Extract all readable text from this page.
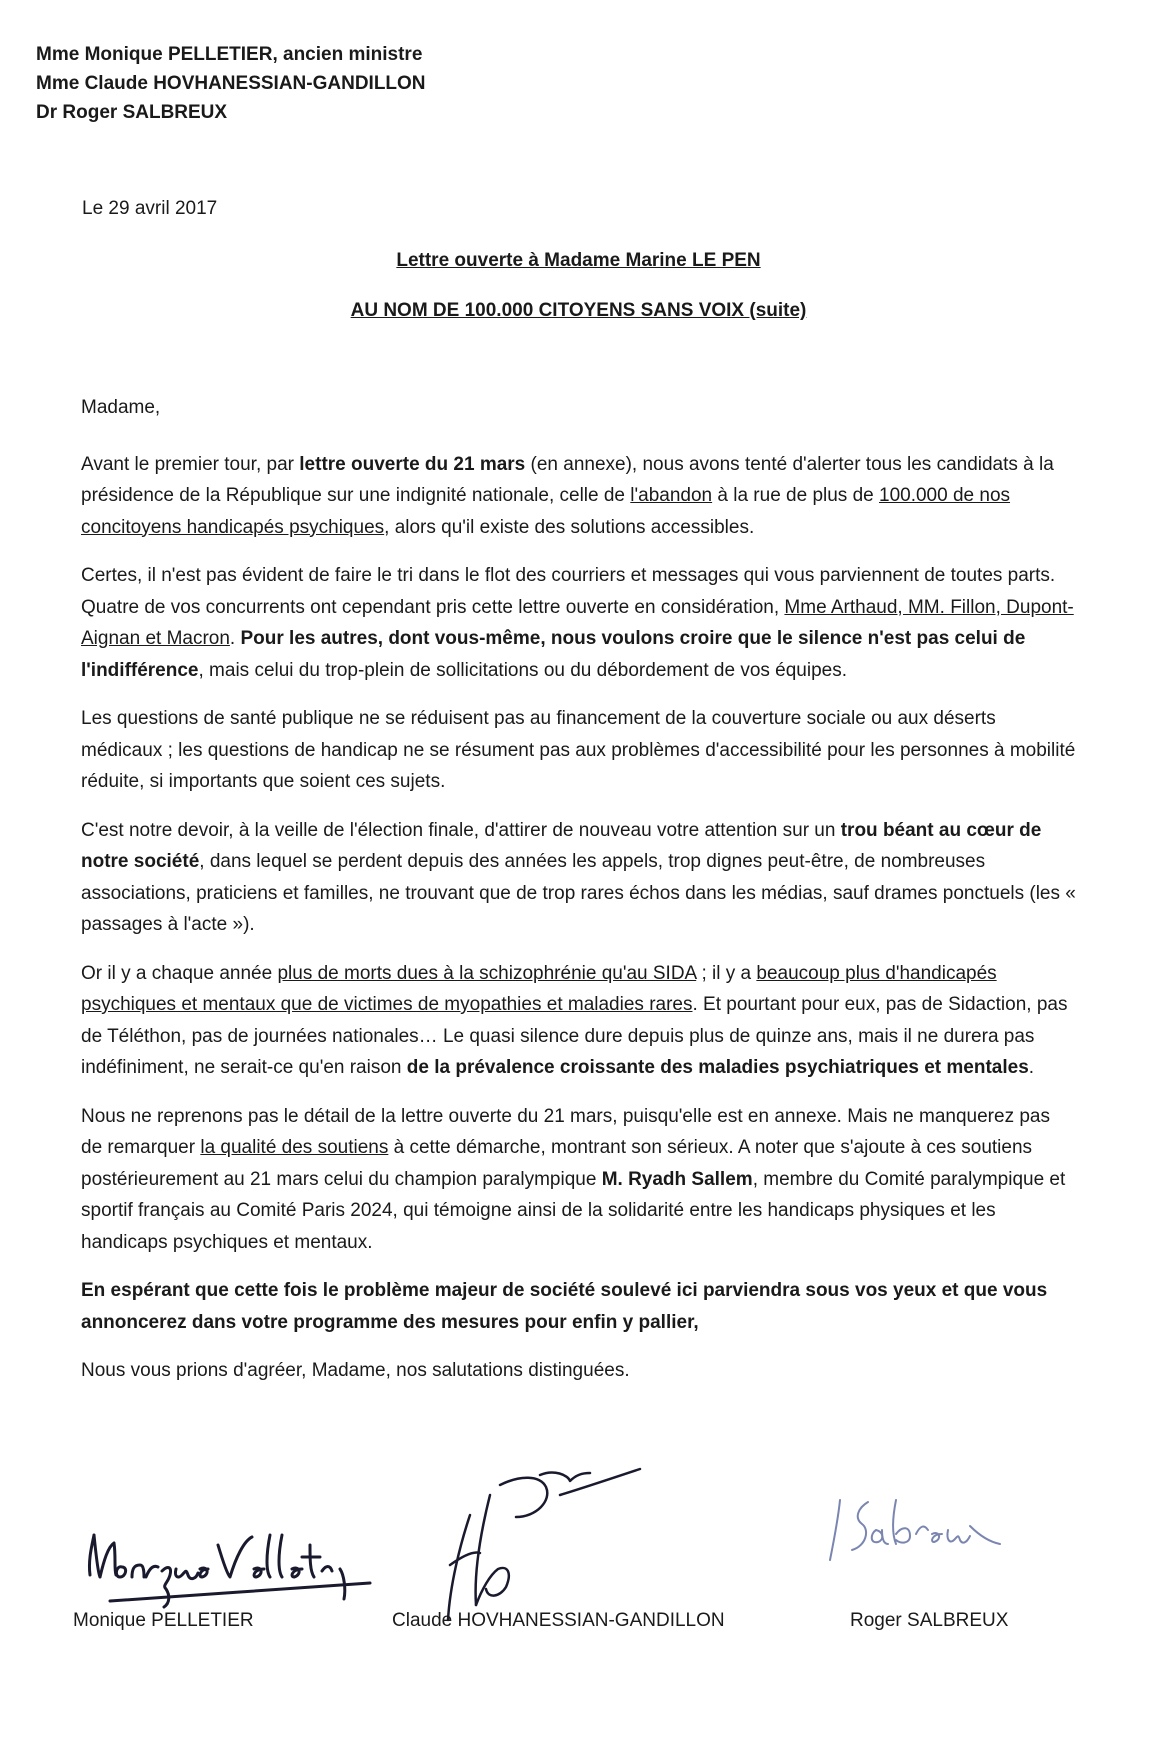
Mme Monique PELLETIER, ancien ministre
Mme Claude HOVHANESSIAN-GANDILLON
Dr Roger SALBREUX
Le 29 avril 2017
Lettre ouverte à Madame Marine LE PEN
AU NOM DE 100.000 CITOYENS SANS VOIX (suite)

Madame,

Avant le premier tour, par lettre ouverte du 21 mars (en annexe), nous avons tenté d'alerter tous les candidats à la présidence de la République sur une indignité nationale, celle de l'abandon à la rue de plus de 100.000 de nos concitoyens handicapés psychiques, alors qu'il existe des solutions accessibles.

Certes, il n'est pas évident de faire le tri dans le flot des courriers et messages qui vous parviennent de toutes parts. Quatre de vos concurrents ont cependant pris cette lettre ouverte en considération, Mme Arthaud, MM. Fillon, Dupont-Aignan et Macron. Pour les autres, dont vous-même, nous voulons croire que le silence n'est pas celui de l'indifférence, mais celui du trop-plein de sollicitations ou du débordement de vos équipes.

Les questions de santé publique ne se réduisent pas au financement de la couverture sociale ou aux déserts médicaux ; les questions de handicap ne se résument pas aux problèmes d'accessibilité pour les personnes à mobilité réduite, si importants que soient ces sujets.

C'est notre devoir, à la veille de l'élection finale, d'attirer de nouveau votre attention sur un trou béant au cœur de notre société, dans lequel se perdent depuis des années les appels, trop dignes peut-être, de nombreuses associations, praticiens et familles, ne trouvant que de trop rares échos dans les médias, sauf drames ponctuels (les « passages à l'acte »).

Or il y a chaque année plus de morts dues à la schizophrénie qu'au SIDA ; il y a beaucoup plus d'handicapés psychiques et mentaux que de victimes de myopathies et maladies rares. Et pourtant pour eux, pas de Sidaction, pas de Téléthon, pas de journées nationales… Le quasi silence dure depuis plus de quinze ans, mais il ne durera pas indéfiniment, ne serait-ce qu'en raison de la prévalence croissante des maladies psychiatriques et mentales.

Nous ne reprenons pas le détail de la lettre ouverte du 21 mars, puisqu'elle est en annexe. Mais ne manquerez pas de remarquer la qualité des soutiens à cette démarche, montrant son sérieux. A noter que s'ajoute à ces soutiens postérieurement au 21 mars celui du champion paralympique M. Ryadh Sallem, membre du Comité paralympique et sportif français au Comité Paris 2024, qui témoigne ainsi de la solidarité entre les handicaps physiques et les handicaps psychiques et mentaux.

En espérant que cette fois le problème majeur de société soulevé ici parviendra sous vos yeux et que vous annoncerez dans votre programme des mesures pour enfin y pallier,

Nous vous prions d'agréer, Madame, nos salutations distinguées.

Monique PELLETIER	Claude HOVHANESSIAN-GANDILLON	Roger SALBREUX
